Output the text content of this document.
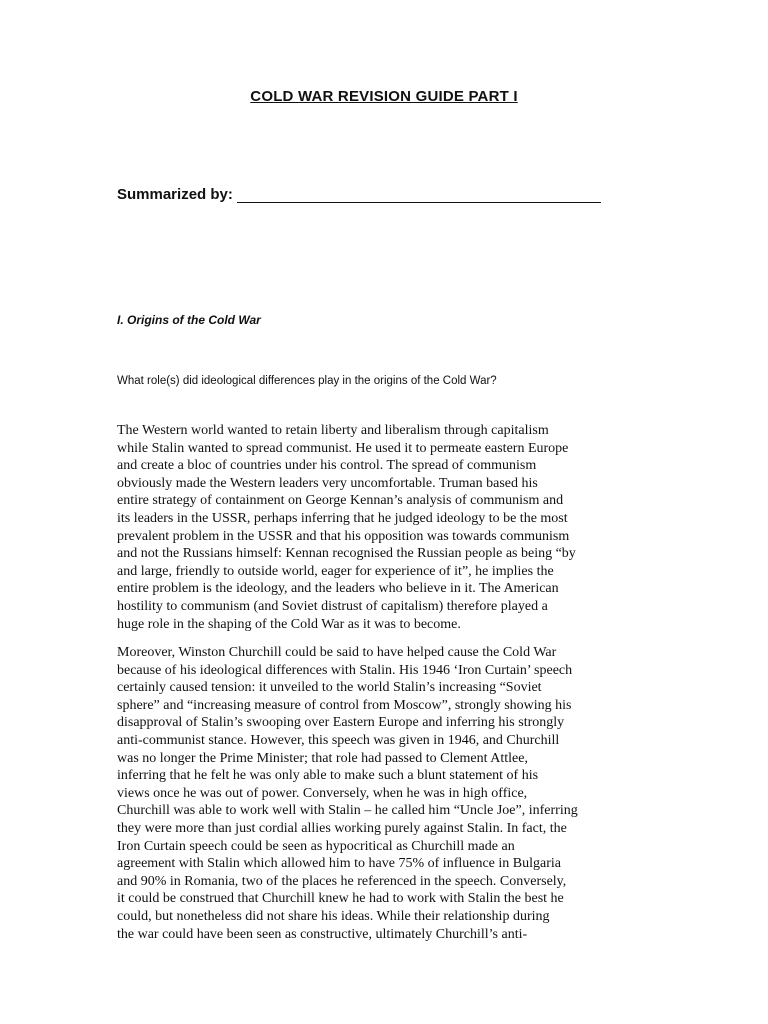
COLD WAR REVISION GUIDE PART I
Summarized by:
I. Origins of the Cold War
What role(s) did ideological differences play in the origins of the Cold War?
The Western world wanted to retain liberty and liberalism through capitalism
while Stalin wanted to spread communist. He used it to permeate eastern Europe
and create a bloc of countries under his control. The spread of communism
obviously made the Western leaders very uncomfortable. Truman based his
entire strategy of containment on George Kennan’s analysis of communism and
its leaders in the USSR, perhaps inferring that he judged ideology to be the most
prevalent problem in the USSR and that his opposition was towards communism
and not the Russians himself: Kennan recognised the Russian people as being “by
and large, friendly to outside world, eager for experience of it”, he implies the
entire problem is the ideology, and the leaders who believe in it. The American
hostility to communism (and Soviet distrust of capitalism) therefore played a
huge role in the shaping of the Cold War as it was to become.
Moreover, Winston Churchill could be said to have helped cause the Cold War
because of his ideological differences with Stalin. His 1946 ‘Iron Curtain’ speech
certainly caused tension: it unveiled to the world Stalin’s increasing “Soviet
sphere” and “increasing measure of control from Moscow”, strongly showing his
disapproval of Stalin’s swooping over Eastern Europe and inferring his strongly
anti-communist stance. However, this speech was given in 1946, and Churchill
was no longer the Prime Minister; that role had passed to Clement Attlee,
inferring that he felt he was only able to make such a blunt statement of his
views once he was out of power. Conversely, when he was in high office,
Churchill was able to work well with Stalin – he called him “Uncle Joe”, inferring
they were more than just cordial allies working purely against Stalin. In fact, the
Iron Curtain speech could be seen as hypocritical as Churchill made an
agreement with Stalin which allowed him to have 75% of influence in Bulgaria
and 90% in Romania, two of the places he referenced in the speech. Conversely,
it could be construed that Churchill knew he had to work with Stalin the best he
could, but nonetheless did not share his ideas. While their relationship during
the war could have been seen as constructive, ultimately Churchill’s anti-
